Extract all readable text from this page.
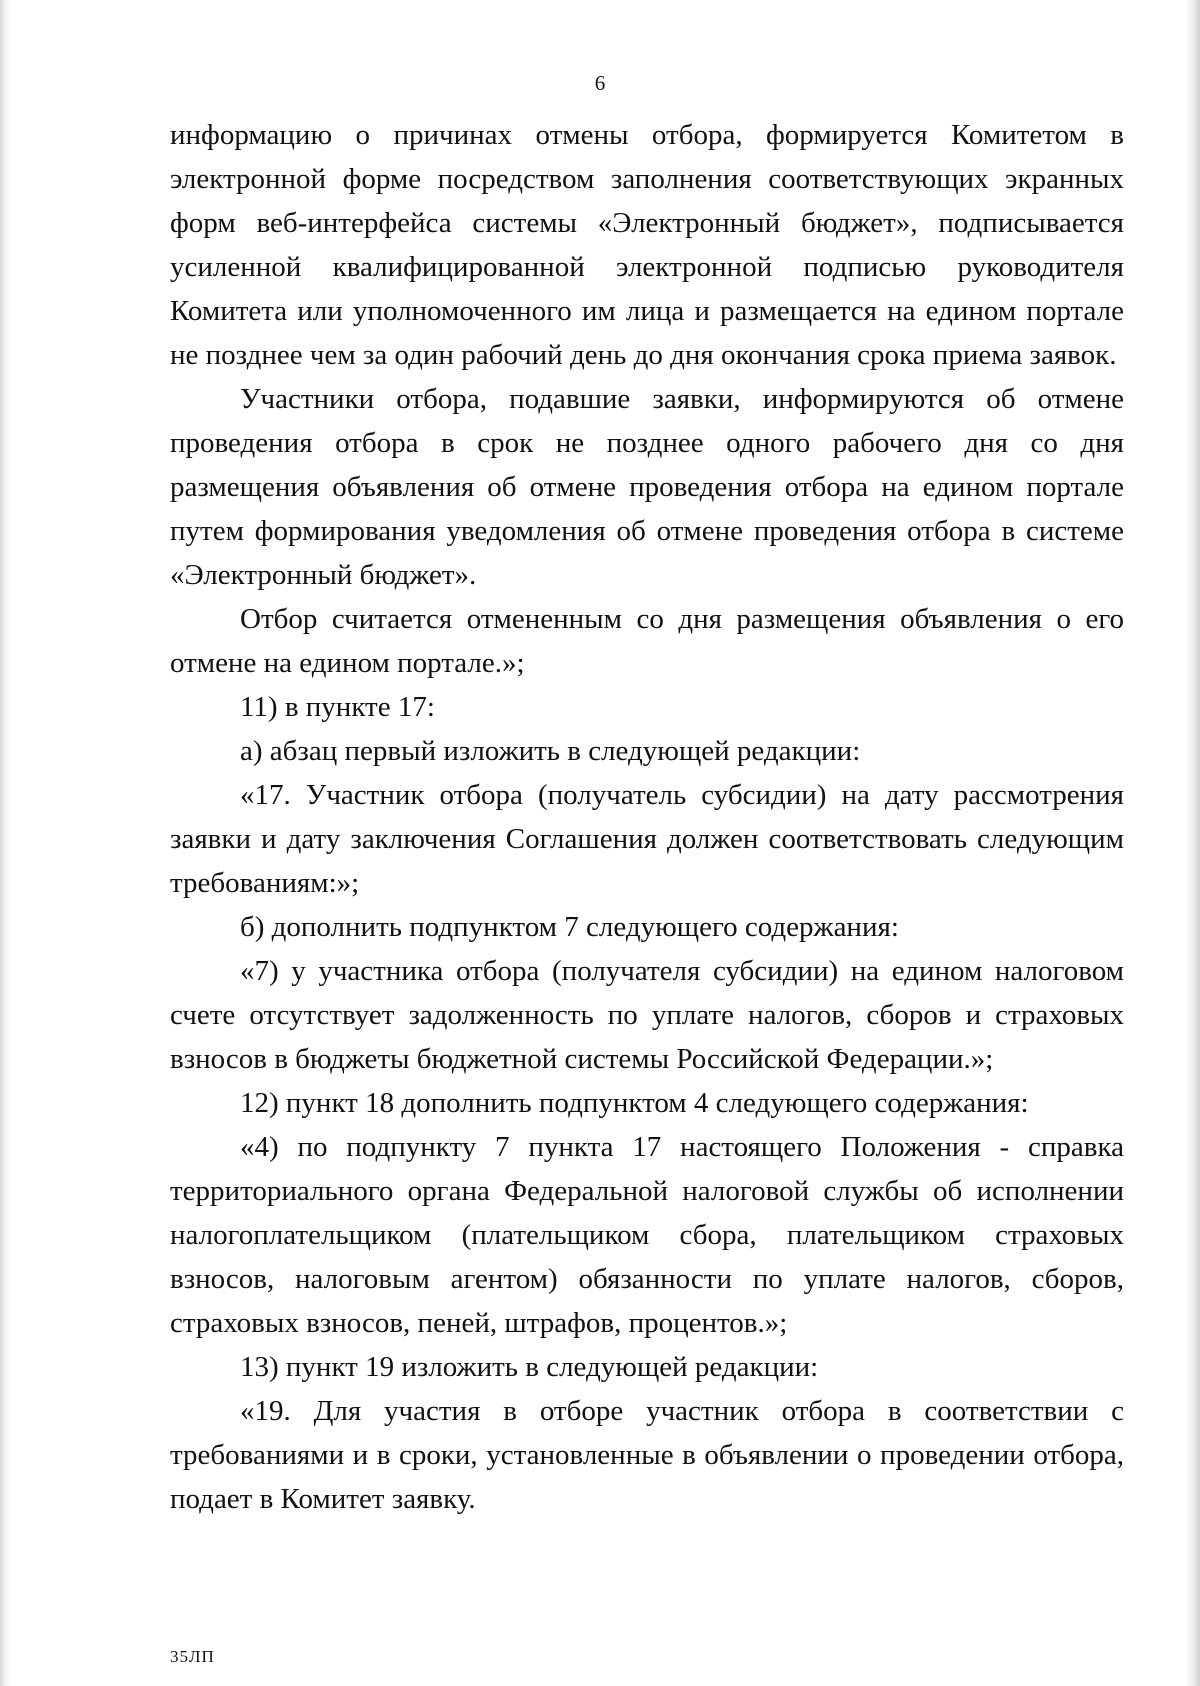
6

информацию о причинах отмены отбора, формируется Комитетом в электронной форме посредством заполнения соответствующих экранных форм веб-интерфейса системы «Электронный бюджет», подписывается усиленной квалифицированной электронной подписью руководителя Комитета или уполномоченного им лица и размещается на едином портале не позднее чем за один рабочий день до дня окончания срока приема заявок.

Участники отбора, подавшие заявки, информируются об отмене проведения отбора в срок не позднее одного рабочего дня со дня размещения объявления об отмене проведения отбора на едином портале путем формирования уведомления об отмене проведения отбора в системе «Электронный бюджет».

Отбор считается отмененным со дня размещения объявления о его отмене на едином портале.»;

11) в пункте 17:

а) абзац первый изложить в следующей редакции:

«17. Участник отбора (получатель субсидии) на дату рассмотрения заявки и дату заключения Соглашения должен соответствовать следующим требованиям:»;

б) дополнить подпунктом 7 следующего содержания:

«7) у участника отбора (получателя субсидии) на едином налоговом счете отсутствует задолженность по уплате налогов, сборов и страховых взносов в бюджеты бюджетной системы Российской Федерации.»;

12) пункт 18 дополнить подпунктом 4 следующего содержания:

«4) по подпункту 7 пункта 17 настоящего Положения - справка территориального органа Федеральной налоговой службы об исполнении налогоплательщиком (плательщиком сбора, плательщиком страховых взносов, налоговым агентом) обязанности по уплате налогов, сборов, страховых взносов, пеней, штрафов, процентов.»;

13) пункт 19 изложить в следующей редакции:

«19. Для участия в отборе участник отбора в соответствии с требованиями и в сроки, установленные в объявлении о проведении отбора, подает в Комитет заявку.

35ЛП
